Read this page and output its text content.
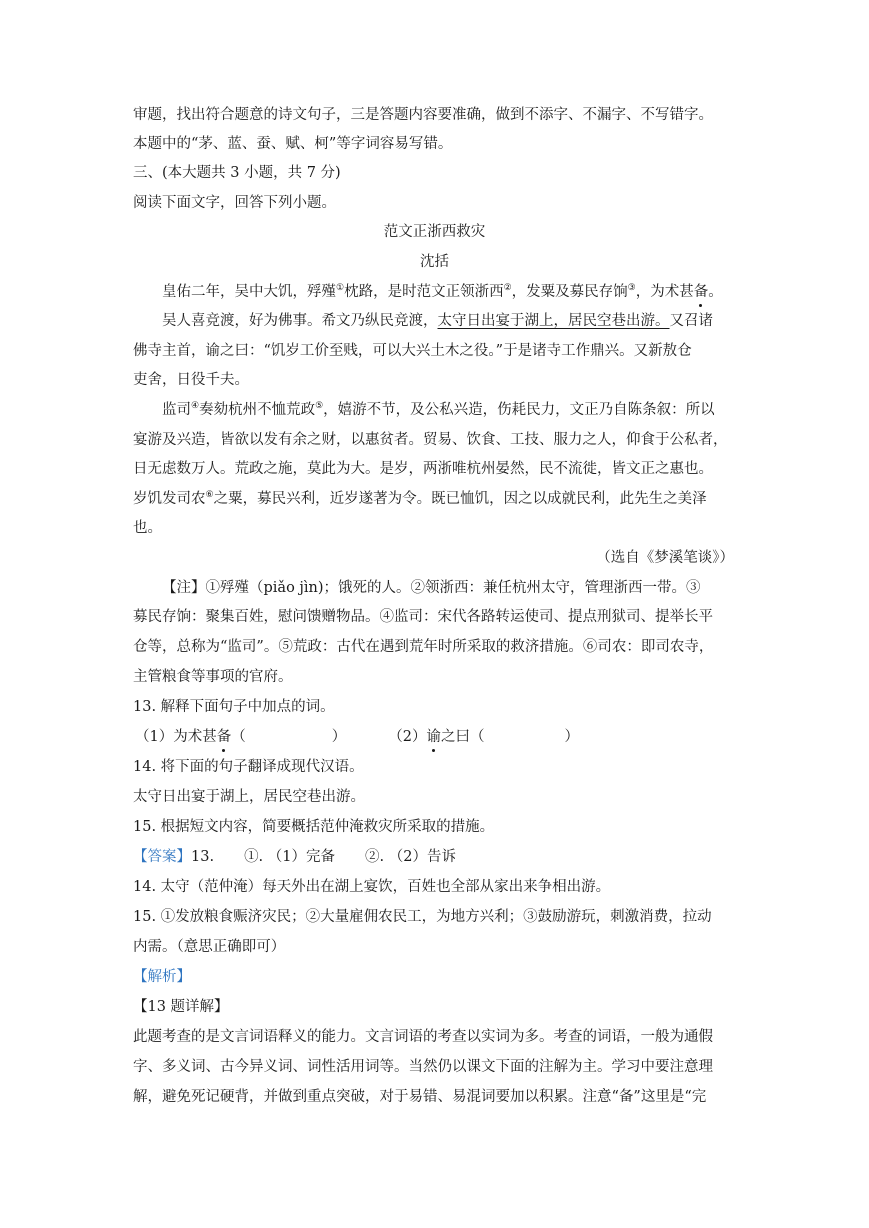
审题，找出符合题意的诗文句子，三是答题内容要准确，做到不添字、不漏字、不写错字。
本题中的“茅、蓝、蚕、赋、柯”等字词容易写错。
三、(本大题共 3 小题，共 7 分)
阅读下面文字，回答下列小题。
范文正浙西救灾
沈括
皇佑二年，吴中大饥，殍殣①枕路，是时范文正领浙西②，发粟及募民存饷③，为术甚备。
吴人喜竞渡，好为佛事。希文乃纵民竞渡，太守日出宴于湖上，居民空巷出游。又召诸
佛寺主首，谕之曰：“饥岁工价至贱，可以大兴土木之役。”于是诸寺工作鼎兴。又新敖仓
吏舍，日役千夫。
监司④奏劾杭州不恤荒政⑤，嬉游不节，及公私兴造，伤耗民力，文正乃自陈条叙：所以
宴游及兴造，皆欲以发有余之财，以惠贫者。贸易、饮食、工技、服力之人，仰食于公私者，
日无虑数万人。荒政之施，莫此为大。是岁，两浙唯杭州晏然，民不流徙，皆文正之惠也。
岁饥发司农⑥之粟，募民兴利，近岁遂著为令。既已恤饥，因之以成就民利，此先生之美泽
也。
（选自《梦溪笔谈》）
【注】①殍殣（piǎo jìn)；饿死的人。②领浙西：兼任杭州太守，管理浙西一带。③
募民存饷：聚集百姓，慰问馈赠物品。④监司：宋代各路转运使司、提点刑狱司、提举长平
仓等，总称为“监司”。⑤荒政：古代在遇到荒年时所采取的救济措施。⑥司农：即司农寺，
主管粮食等事项的官府。
13. 解释下面句子中加点的词。
（1）为术甚备（	）	（2）谕之曰（	）
14. 将下面的句子翻译成现代汉语。
太守日出宴于湖上，居民空巷出游。
15. 根据短文内容，简要概括范仲淹救灾所采取的措施。
【答案】13. ①. （1）完备 ②. （2）告诉
14. 太守（范仲淹）每天外出在湖上宴饮，百姓也全部从家出来争相出游。
15. ①发放粮食赈济灾民；②大量雇佣农民工，为地方兴利；③鼓励游玩，刺激消费，拉动
内需。（意思正确即可）
【解析】
【13 题详解】
此题考查的是文言词语释义的能力。文言词语的考查以实词为多。考查的词语，一般为通假
字、多义词、古今异义词、词性活用词等。当然仍以课文下面的注解为主。学习中要注意理
解，避免死记硬背，并做到重点突破，对于易错、易混词要加以积累。注意“备”这里是“完
